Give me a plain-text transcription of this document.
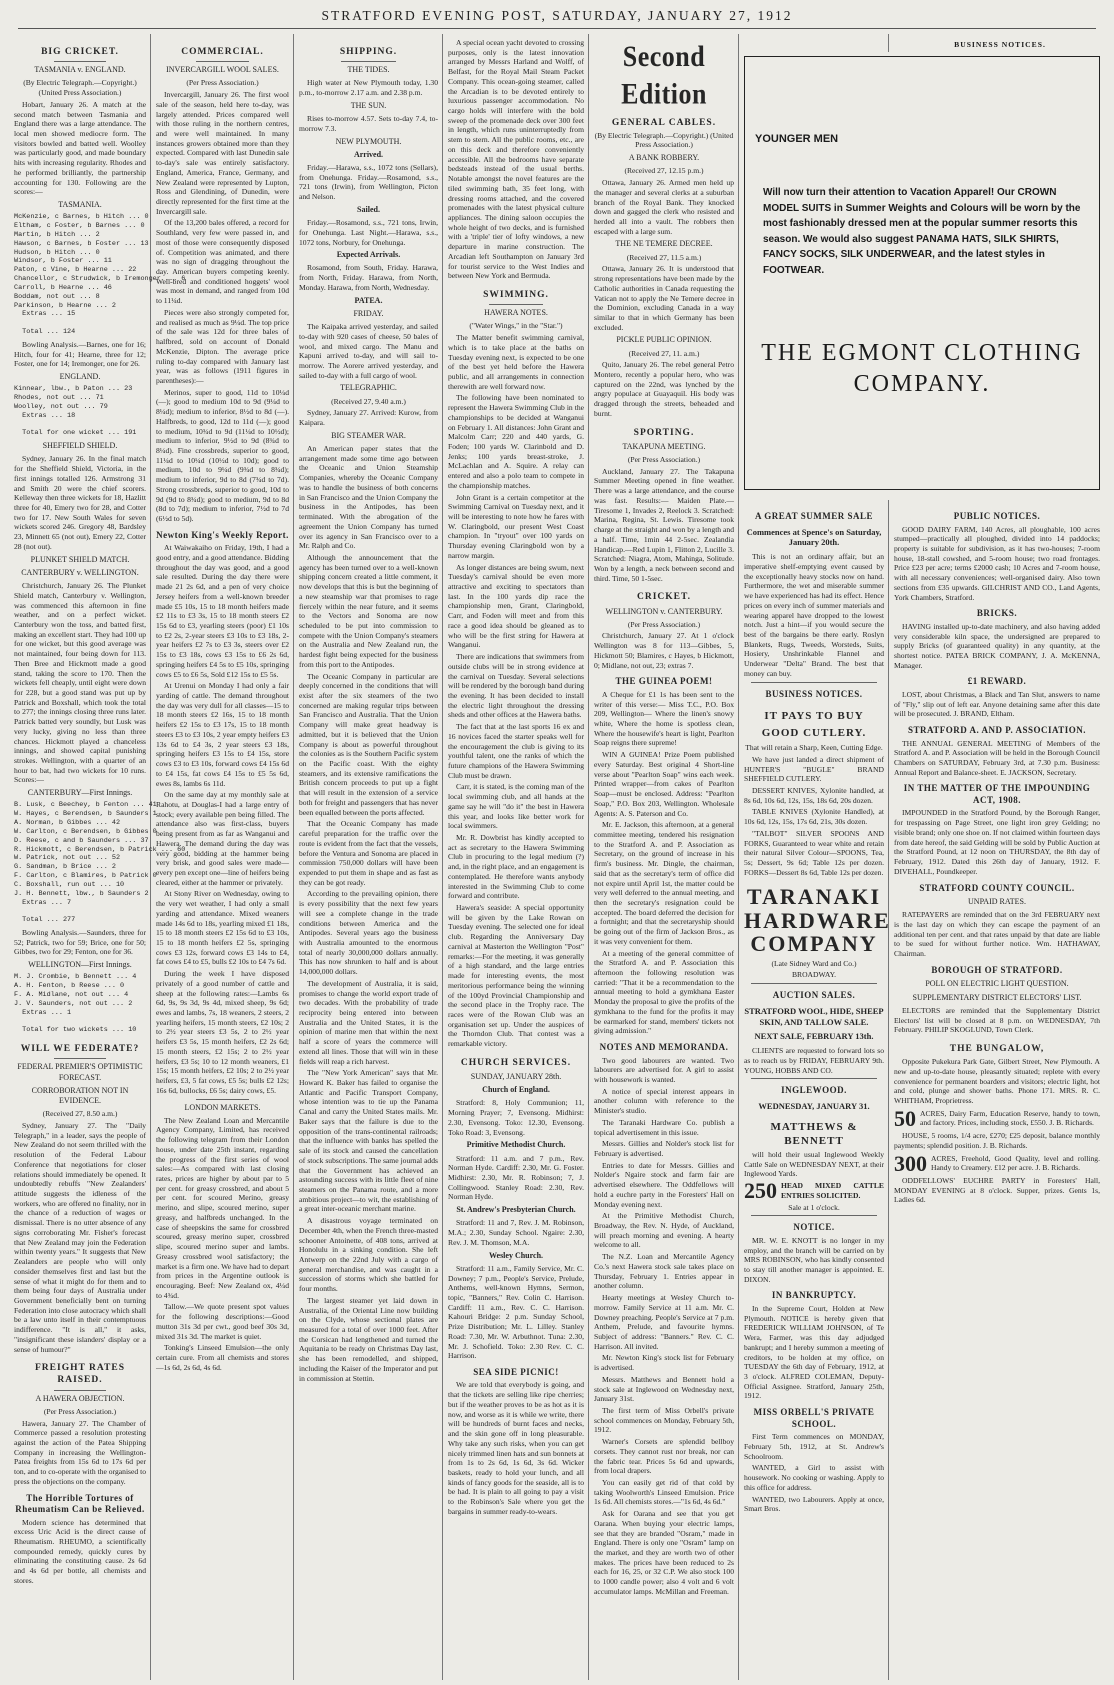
STRATFORD EVENING POST, SATURDAY, JANUARY 27, 1912
BIG CRICKET.
TASMANIA v. ENGLAND.

(By Electric Telegraph.—Copyright.) (United Press Association.)

Hobart, January 26. A match at the second match between Tasmania and England there was a large attendance. The local men showed mediocre form. The visitors bowled and batted well. Woolley was particularly good, and made boundary hits with increasing regularity. Rhodes and he performed brilliantly, the partnership accounting for 130. Following are the scores:—

TASMANIA.
McKenzie, c Barnes, b Hitch ... 0
Eltham, c Foster, b Barnes ... 0
Martin, b Hitch ... 2
Hawson, c Barnes, b Foster ... 13
Hudson, b Hitch ... 0
Windsor, b Foster ... 11
Paton, c Vine, b Hearne ... 22
Chancellor, c Strudwick, b Iremonger ... 6
Carroll, b Hearne ... 46
Boddam, not out ... 8
Parkinson, b Hearne ... 2
Extras ... 15

Total ... 124

Bowling Analysis.—Barnes, one for 16; Hitch, four for 41; Hearne, three for 12; Foster, one for 14; Iremonger, one for 26.

ENGLAND.
Kinnear, lbw., b Paton ... 23
Rhodes, not out ... 71
Woolley, not out ... 79
Extras ... 18

Total for one wicket ... 191
SHEFFIELD SHIELD.

Sydney, January 26. In the final match for the Sheffield Shield, Victoria, in the first innings totalled 126. Armstrong 31 and Smith 20 were the chief scorers. Kelleway then three wickets for 18, Hazlitt three for 40, Emery two for 28, and Cotter two for 17. New South Wales for seven wickets scored 246. Gregory 48, Bardsley 23, Minnett 65 (not out), Emery 22, Cotter 28 (not out).

PLUNKET SHIELD MATCH.
CANTERBURY v. WELLINGTON.

Christchurch, January 26. The Plunket Shield match, Canterbury v. Wellington, was commenced this afternoon in fine weather, and on a perfect wicket. Canterbury won the toss, and batted first, making an excellent start. They had 100 up for one wicket, but this good average was not maintained, four being down for 113. Then Bree and Hickmott made a good stand, taking the score to 170. Then the wickets fell cheaply, until eight were down for 228, but a good stand was put up by Patrick and Boxshall, which took the total to 277; the innings closing three runs later. Patrick batted very soundly, but Lusk was very lucky, giving no less than three chances. Hickmott played a chanceless innings, and showed capital punishing strokes. Wellington, with a quarter of an hour to bat, had two wickets for 10 runs. Scores:—

CANTERBURY—First Innings.
B. Lusk, c Beechey, b Fenton ... 41
W. Hayes, c Berendsen, b Saunders 1
A. Norman, b Gibbes ... 42
W. Carlton, c Berendsen, b Gibbes 0
D. Reese, c and b Saunders ... 37
R. Hickmott, c Berendsen, b Patrick ... 60
W. Patrick, not out ... 52
G. Sandman, b Brice ... 2
F. Carlton, c Blamires, b Patrick 0
C. Boxshall, run out ... 10
J. H. Bennett, lbw., b Saunders 2
Extras ... 7

Total ... 277

Bowling Analysis.—Saunders, three for 52; Patrick, two for 59; Brice, one for 50; Gibbes, two for 29; Fenton, one for 36.

WELLINGTON—First Innings.
M. J. Crombie, b Bennett ... 4
A. H. Fenton, b Reese ... 0
F. A. Midlane, not out ... 4
J. V. Saunders, not out ... 2
Extras ... 1

Total for two wickets ... 10
WILL WE FEDERATE?
FEDERAL PREMIER'S OPTIMISTIC FORECAST.
CORROBORATION NOT IN EVIDENCE.

(Received 27, 8.50 a.m.)

Sydney, January 27. The "Daily Telegraph," in a leader, says the people of New Zealand do not seem thrilled with the resolution of the Federal Labour Conference that negotiations for closer relations should immediately be opened. It undoubtedly rebuffs "New Zealanders' attitude suggests the idleness of the workers, who are offered no finality, nor in the chance of a reduction of wages or dismissal. There is no utter absence of any signs corroborating Mr. Fisher's forecast that New Zealand may join the Federation within twenty years." It suggests that New Zealanders are people who will only consider themselves first and last but the sense of what it might do for them and to them being four days of Australia under Government beneficially bent on turning Federation into close autocracy which shall be a law unto itself in their contemptuous indifference. "It is all," it asks, "insignificant these islanders' display or a sense of humour?"

FREIGHT RATES RAISED.
A HAWERA OBJECTION.

(Per Press Association.)

Hawera, January 27. The Chamber of Commerce passed a resolution protesting against the action of the Patea Shipping Company in increasing the Wellington-Patea freights from 15s 6d to 17s 6d per ton, and to co-operate with the organised to press the objections on the company.

The Horrible Tortures of Rheumatism Can be Relieved.

Modern science has determined that excess Uric Acid is the direct cause of Rheumatism. RHEUMO, a scientifically compounded remedy, quickly cures by eliminating the constituting cause. 2s 6d and 4s 6d per bottle, all chemists and stores.

COMMERCIAL.
INVERCARGILL WOOL SALES.

(Per Press Association.)

Invercargill, January 26. The first wool sale of the season, held here to-day, was largely attended. Prices compared well with those ruling in the northern centres, and were well maintained. In many instances growers obtained more than they expected. Compared with last Dunedin sale to-day's sale was entirely satisfactory. England, America, France, Germany, and New Zealand were represented by Lupton, Ross and Glendining, of Dunedin, were directly represented for the first time at the Invercargill sale.

Of the 13,200 bales offered, a record for Southland, very few were passed in, and most of those were consequently disposed of. Competition was animated, and there was no sign of dragging throughout the day. American buyers competing keenly. Well-bred and conditioned hoggets' wool was most in demand, and ranged from 10d to 11¼d.

Pieces were also strongly competed for, and realised as much as 9¼d. The top price of the sale was 12d for three bales of halfbred, sold on account of Donald McKenzie, Dipton. The average price ruling to-day compared with January last year, was as follows (1911 figures in parentheses):—

Merinos, super to good, 11d to 10¼d (—); good to medium 10d to 9d (9¼d to 8¼d); medium to inferior, 8½d to 8d (—). Halfbreds, to good, 12d to 11d (—); good to medium, 10¾d to 9d (11¼d to 10½d); medium to inferior, 9½d to 9d (8¾d to 8¼d). Fine crossbreds, superior to good, 11¼d to 10¼d (10½d to 10d); good to medium, 10d to 9¼d (9¾d to 8¾d); medium to inferior, 9d to 8d (7¾d to 7d). Strong crossbreds, superior to good, 10d to 9d (9d to 8¾d); good to medium, 9d to 8d (8d to 7d); medium to inferior, 7½d to 7d (6½d to 5d).

Newton King's Weekly Report.

At Waiwakaiho on Friday, 19th, I had a good entry, and a good attendance. Bidding throughout the day was good, and a good sale resulted. During the day there were made 21 2s 6d, and a pen of very choice Jersey heifers from a well-known breeder made £5 10s, 15 to 18 month heifers made £2 11s to £3 3s, 15 to 18 month steers £2 15s 6d to £3, yearling steers (poor) £1 10s to £2 2s, 2-year steers £3 10s to £3 18s, 2-year heifers £2 7s to £3 3s, steers over £2 15s to £3 18s, cows £3 15s to £6 2s 6d, springing heifers £4 5s to £5 10s, springing cows £5 to £6 5s, Sold £12 15s to £5 5s.

At Urenui on Monday I had only a fair yarding of cattle. The demand throughout the day was very dull for all classes—15 to 18 month steers £2 16s, 15 to 18 month heifers £2 15s to £3 17s, 15 to 18 month steers £3 to £3 10s, 2 year empty heifers £3 13s 6d to £4 3s, 2 year steers £3 18s, springing heifers £3 15s to £4 15s, store cows £3 to £3 10s, forward cows £4 15s 6d to £4 15s, fat cows £4 15s to £5 5s 6d, ewes 8s, lambs 6s 11d.

On the same day at my monthly sale at Rahotu, at Douglas-I had a large entry of stock; every available pen being filled. The attendance also was first-class, buyers being present from as far as Wanganui and Hawera. The demand during the day was very good, bidding at the hammer being very brisk, and good sales were made—every pen except one—line of heifers being cleared, either at the hammer or privately.

At Stony River on Wednesday, owing to the very wet weather, I had only a small yarding and attendance. Mixed weaners made 14s 6d to 18s, yearling mixed £1 18s, 15 to 18 month steers £2 15s 6d to £3 10s, 15 to 18 month heifers £2 5s, springing cows £3 12s, forward cows £3 14s to £4, fat cows £4 to £5, bulls £2 10s to £4 7s 6d.

During the week I have disposed privately of a good number of cattle and sheep at the following rates:—Lambs 6s 6d, 9s, 9s 3d, 9s 4d, mixed sheep, 9s 6d; ewes and lambs, 7s, 18 weaners, 2 steers, 2 yearling heifers, 15 month steers, £2 10s; 2 to 2½ year steers £3 5s, 2 to 2½ year heifers £3 5s, 15 month heifers, £2 2s 6d; 15 month steers, £2 15s; 2 to 2½ year heifers, £3 5s; 10 to 12 month weaners, £1 15s; 15 month heifers, £2 10s; 2 to 2½ year heifers, £3, 5 fat cows, £5 5s; bulls £2 12s; 16s 6d, bullocks, £6 5s; dairy cows, £5.

LONDON MARKETS.

The New Zealand Loan and Mercantile Agency Company, Limited, has received the following telegram from their London house, under date 25th instant, regarding the progress of the first series of wool sales:—As compared with last closing rates, prices are higher by about par to 5 per cent. for greasy crossbred, and about 5 per cent. for scoured Merino, greasy merino, and slipe, scoured merino, super greasy, and halfbreds unchanged. In the case of sheepskins the same for crossbred scoured, greasy merino super, crossbred slipe, scoured merino super and lambs. Greasy crossbred wool satisfactory; the market is a firm one. We have had to depart from prices in the Argentine outlook is encouraging. Beef: New Zealand ox, 4¼d to 4¾d.

Tallow.—We quote present spot values for the following descriptions:—Good mutton 31s 3d per cwt., good beef 30s 3d, mixed 31s 3d. The market is quiet.

Tonking's Linseed Emulsion—the only certain cure. From all chemists and stores—1s 6d, 2s 6d, 4s 6d.

SHIPPING.
THE TIDES.

High water at New Plymouth today, 1.30 p.m., to-morrow 2.17 a.m. and 2.38 p.m.

THE SUN.

Rises to-morrow 4.57. Sets to-day 7.4, to-morrow 7.3.

NEW PLYMOUTH.
Arrived.

Friday.—Harawa, s.s., 1072 tons (Sellars), from Onehunga. Friday.—Rosamond, s.s., 721 tons (Irwin), from Wellington, Picton and Nelson.

Sailed.

Friday.—Rosamond, s.s., 721 tons, Irwin, for Onehunga. Last Night.—Harawa, s.s., 1072 tons, Norbury, for Onehunga.

Expected Arrivals.

Rosamond, from South, Friday. Harawa, from North, Friday. Harawa, from North, Monday. Harawa, from North, Wednesday.

PATEA.
FRIDAY.

The Kaipaka arrived yesterday, and sailed to-day with 920 cases of cheese, 50 bales of wool, and mixed cargo. The Manu and Kapuni arrived to-day, and will sail to-morrow. The Aorere arrived yesterday, and sailed to-day with a full cargo of wool.

TELEGRAPHIC.

(Received 27, 9.40 a.m.)

Sydney, January 27. Arrived: Kurow, from Kaipara.

BIG STEAMER WAR.

An American paper states that the arrangement made some time ago between the Oceanic and Union Steamship Companies, whereby the Oceanic Company was to handle the business of both concerns in San Francisco and the Union Company the business in the Antipodes, has been terminated. With the abrogation of the agreement the Union Company has turned over its agency in San Francisco over to a Mr. Ralph and Co.

Although the announcement that the agency has been turned over to a well-known shipping concern created a little comment, it now develops that this is but the beginning of a new steamship war that promises to rage fiercely within the near future, and it seems to the Vectors and Sonoma are now scheduled to be put into commission to compete with the Union Company's steamers on the Australia and New Zealand run, the hardest fight being expected for the business from this port to the Antipodes.

The Oceanic Company in particular are deeply concerned in the conditions that will exist after the six steamers of the two concerned are making regular trips between San Francisco and Australia. That the Union Company will make great headway is admitted, but it is believed that the Union Company is about as powerful throughout the colonies as is the Southern Pacific system on the Pacific coast. With the eighty steamers, and its extensive ramifications the British concern proceeds to put up a fight that will result in the extension of a service both for freight and passengers that has never been equalled between the ports affected.

That the Oceanic Company has made careful preparation for the traffic over the route is evident from the fact that the vessels, before the Ventura and Sonoma are placed in commission 750,000 dollars will have been expended to put them in shape and as fast as they can be got ready.

According to the prevailing opinion, there is every possibility that the next few years will see a complete change in the trade conditions between America and the Antipodes. Several years ago the business with Australia amounted to the enormous total of nearly 30,000,000 dollars annually. This has now shrunken to half and is about 14,000,000 dollars.

The development of Australia, it is said, promises to change the world export trade of two decades. With the probability of trade reciprocity being entered into between Australia and the United States, it is the opinion of marine men that within the next half a score of years the commerce will extend all lines. Those that will win in these fields will reap a rich harvest.

The "New York American" says that Mr. Howard K. Baker has failed to organise the Atlantic and Pacific Transport Company, whose intention was to tie up the Panama Canal and carry the United States mails. Mr. Baker says that the failure is due to the opposition of the trans-continental railroads; that the influence with banks has spelled the sale of its stock and caused the cancellation of stock subscriptions. The same journal adds that the Government has achieved an astounding success with its little fleet of nine steamers on the Panama route, and a more ambitious project—to wit, the establishing of a great inter-oceanic merchant marine.

A disastrous voyage terminated on December 4th, when the French three-masted schooner Antoinette, of 408 tons, arrived at Honolulu in a sinking condition. She left Antwerp on the 22nd July with a cargo of general merchandise, and was caught in a succession of storms which she battled for four months.

The largest steamer yet laid down in Australia, of the Oriental Line now building on the Clyde, whose sectional plates are measured for a total of over 1000 feet. After the Corsican had lengthened and turned the Aquitania to be ready on Christmas Day last, she has been remodelled, and shipped, including the Kaiser of the Imperator and put in commission at Stettin.

A special ocean yacht devoted to crossing purposes, only is the latest innovation arranged by Messrs Harland and Wolff, of Belfast, for the Royal Mail Steam Packet Company. This ocean-going steamer, called the Arcadian is to be devoted entirely to luxurious passenger accommodation. No cargo holds will interfere with the bold sweep of the promenade deck over 300 feet in length, which runs uninterruptedly from stem to stern. All the public rooms, etc., are on this deck and therefore conveniently accessible. All the bedrooms have separate bedsteads instead of the usual berths. Notable amongst the novel features are the tiled swimming bath, 35 feet long, with dressing rooms attached, and the covered promenades with the latest physical culture appliances. The dining saloon occupies the whole height of two decks, and is furnished with a 'triple' tier of lofty windows, a new departure in marine construction. The Arcadian left Southampton on January 3rd for tourist service to the West Indies and between New York and Bermuda.

SWIMMING.
HAWERA NOTES.

("Water Wings," in the "Star.")

The Matter benefit swimming carnival, which is to take place at the baths on Tuesday evening next, is expected to be one of the best yet held before the Hawera public, and all arrangements in connection therewith are well forward now.

The following have been nominated to represent the Hawera Swimming Club in the championships to be decided at Wanganui on February 1. All distances: John Grant and Malcolm Carr; 220 and 440 yards, G. Foden; 100 yards W. Clarinbold and D. Jenks; 100 yards breast-stroke, J. McLachlan and A. Squire. A relay can entered and also a polo team to compete in the championship matches.

John Grant is a certain competitor at the Swimming Carnival on Tuesday next, and it will be interesting to note how he fares with W. Claringbold, our present West Coast champion. In "tryout" over 100 yards on Thursday evening Claringbold won by a narrow margin.

As longer distances are being swum, next Tuesday's carnival should be even more attractive and exciting to spectators than last. In the 100 yards dip race the championship men, Grant, Claringbold, Carr, and Foden will meet and from this race a good idea should be gleaned as to who will be the first string for Hawera at Wanganui.

There are indications that swimmers from outside clubs will be in strong evidence at the carnival on Tuesday. Several selections will be rendered by the borough band during the evening. It has been decided to install the electric light throughout the dressing sheds and other offices at the Hawera baths.

The fact that at the last sports 16 ex and 16 novices faced the starter speaks well for the encouragement the club is giving to its youthful talent, one the ranks of which the future champions of the Hawera Swimming Club must be drawn.

Carr, it is stated, is the coming man of the local swimming club, and all hands at the game say he will "do it" the best in Hawera this year, and looks like better work for local swimmers.

Mr. R. Dowbrist has kindly accepted to act as secretary to the Hawera Swimming Club in procuring to the legal medium (?) and, in the right place, and an engagement is contemplated. He therefore wants anybody interested in the Swimming Club to come forward and contribute.

Hawera's seaside: A special opportunity will be given by the Lake Rowan on Tuesday evening. The selected one for ideal club. Regarding the Anniversary Day carnival at Masterton the Wellington "Post" remarks:—For the meeting, it was generally of a high standard, and the large entries made for interesting events, the most meritorious performance being the winning of the 100yd Provincial Championship and the second place in the Trophy race. The races were of the Rowan Club was an organisation set up. Under the auspices of the Thorndon Club. That contest was a remarkable victory.

CHURCH SERVICES.
SUNDAY, JANUARY 28th.
Church of England.

Stratford: 8, Holy Communion; 11, Morning Prayer; 7, Evensong. Midhirst: 2.30, Evensong. Toko: 12.30, Evensong. Toko Road: 3, Evensong.

Primitive Methodist Church.

Stratford: 11 a.m. and 7 p.m., Rev. Norman Hyde. Cardiff: 2.30, Mr. G. Foster. Midhirst: 2.30, Mr. R. Robinson; 7, J. Collingwood. Stanley Road: 2.30, Rev. Norman Hyde.

St. Andrew's Presbyterian Church.

Stratford: 11 and 7, Rev. J. M. Robinson, M.A.; 2.30, Sunday School. Ngaire: 2.30, Rev. J. M. Thomson, M.A.

Wesley Church.

Stratford: 11 a.m., Family Service, Mr. C. Downey; 7 p.m., People's Service, Prelude, Anthems, well-known Hymns, Sermon, topic, "Banners," Rev. Colin C. Harrison. Cardiff: 11 a.m., Rev. C. C. Harrison. Kahouri Bridge: 2 p.m. Sunday School, Prize Distribution; Mr. L. Lilley. Stanley Road: 7.30, Mr. W. Arbuthnot. Tuna: 2.30, Mr. J. Schofield. Toko: 2.30 Rev. C. C. Harrison.

SEA SIDE PICNIC!

We are told that everybody is going, and that the tickets are selling like ripe cherries; but if the weather proves to be as hot as it is now, and worse as it is while we write, there will be hundreds of burnt faces and necks, and the skin gone off in long pleasurable. Why take any such risks, when you can get nicely trimmed linen hats and sun bonnets at from 1s to 2s 6d, 1s 6d, 3s 6d. Wicker baskets, ready to hold your lunch, and all kinds of fancy goods for the seaside, all is to be had. It is plain to all going to pay a visit to the Robinson's Sale where you get the bargains in summer ready-to-wears.

Second Edition
GENERAL CABLES.

(By Electric Telegraph.—Copyright.) (United Press Association.)

A BANK ROBBERY.

(Received 27, 12.15 p.m.)

Ottawa, January 26. Armed men held up the manager and several clerks at a suburban branch of the Royal Bank. They knocked down and gagged the clerk who resisted and herded all into a vault. The robbers then escaped with a large sum.

THE NE TEMERE DECREE.

(Received 27, 11.5 a.m.)

Ottawa, January 26. It is understood that strong representations have been made by the Catholic authorities in Canada requesting the Vatican not to apply the Ne Temere decree in the Dominion, excluding Canada in a way similar to that in which Germany has been excluded.

PICKLE PUBLIC OPINION.

(Received 27, 11. a.m.)

Quito, January 26. The rebel general Petro Montero, recently a popular hero, who was captured on the 22nd, was lynched by the angry populace at Guayaquil. His body was dragged through the streets, beheaded and burnt.

SPORTING.
TAKAPUNA MEETING.

(Per Press Association.)

Auckland, January 27. The Takapuna Summer Meeting opened in fine weather. There was a large attendance, and the course was fast. Results:— Maiden Plate.—Tiresome 1, Invades 2, Reelock 3. Scratched: Marina, Regina, St. Lewis. Tiresome took charge at the straight and won by a length and a half. Time, 1min 44 2-5sec. Zealandia Handicap.—Red Lupin 1, Flitton 2, Lucille 3. Scratched: Niagra, Atom, Mahinga, Solitude. Won by a length, a neck between second and third. Time, 50 1-5sec.

CRICKET.
WELLINGTON v. CANTERBURY.

(Per Press Association.)

Christchurch, January 27. At 1 o'clock Wellington was 8 for 113—Gibbes, 5, Hickmott 50; Blamires, c Hayes, b Hickmott, 0; Midlane, not out, 23; extras 7.

THE GUINEA POEM!

A Cheque for £1 1s has been sent to the writer of this verse:— Miss T.C., P.O. Box 209, Wellington— Where the linen's snowy white, Where the home is spotless clean, Where the housewife's heart is light, Pearlton Soap reigns there supreme!

WIN A GUINEA! Prize Poem published every Saturday. Best original 4 Short-line verse about "Pearlton Soap" wins each week. Printed wrapper—from cakes of Pearlton Soap—must be enclosed. Address: "Pearlton Soap," P.O. Box 203, Wellington. Wholesale Agents: A. S. Paterson and Co.

Mr. E. Jackson, this afternoon, at a general committee meeting, tendered his resignation to the Stratford A. and P. Association as Secretary, on the ground of increase in his firm's business. Mr. Dingle, the chairman, said that as the secretary's term of office did not expire until April 1st, the matter could be very well deferred to the annual meeting, and then the secretary's resignation could be accepted. The board deferred the decision for a fortnight; and that the secretaryship should be going out of the firm of Jackson Bros., as it was very convenient for them.

At a meeting of the general committee of the Stratford A. and P. Association this afternoon the following resolution was carried: "That it be a recommendation to the annual meeting to hold a gymkhana Easter Monday the proposal to give the profits of the gymkhana to the fund for the profits it may be earmarked for stand, members' tickets not giving admission."

NOTES AND MEMORANDA.

Two good labourers are wanted. Two labourers are advertised for. A girl to assist with housework is wanted.

A notice of special interest appears in another column with reference to the Minister's studio.

The Taranaki Hardware Co. publish a topical advertisement in this issue.

Messrs. Gillies and Nolder's stock list for February is advertised.

Entries to date for Messrs. Gillies and Nolder's Ngaire stock and farm fair are advertised elsewhere. The Oddfellows will hold a euchre party in the Foresters' Hall on Monday evening next.

At the Primitive Methodist Church, Broadway, the Rev. N. Hyde, of Auckland, will preach morning and evening. A hearty welcome to all.

The N.Z. Loan and Mercantile Agency Co.'s next Hawera stock sale takes place on Thursday, February 1. Entries appear in another column.

Hearty meetings at Wesley Church to-morrow. Family Service at 11 a.m. Mr. C. Downey preaching. People's Service at 7 p.m. Anthem, Prelude, and favourite hymns. Subject of address: "Banners." Rev. C. C. Harrison. All invited.

Mr. Newton King's stock list for February is advertised.

Messrs. Matthews and Bennett hold a stock sale at Inglewood on Wednesday next, January 31st.

The first term of Miss Orbell's private school commences on Monday, February 5th, 1912.

Warner's Corsets are splendid bellboy corsets. They cannot rust nor break, nor can the fabric tear. Prices 5s 6d and upwards, from local drapers.

You can easily get rid of that cold by taking Woolworth's Linseed Emulsion. Price 1s 6d. All chemists stores.—"1s 6d, 4s 6d."

Ask for Oarana and see that you get Oarana. When buying your electric lamps, see that they are branded "Osram," made in England. There is only one "Osram" lamp on the market, and they are worth two of other makes. The prices have been reduced to 2s each for 16, 25, or 32 C.P. We also stock 100 to 1000 candle power; also 4 volt and 6 volt accumulator lamps. McMillan and Freeman.

BUSINESS NOTICES.
YOUNGER MEN
Will now turn their attention to Vacation Apparel! Our CROWN MODEL SUITS in Summer Weights and Colours will be worn by the most fashionably dressed men at the popular summer resorts this season. We would also suggest PANAMA HATS, SILK SHIRTS, FANCY SOCKS, SILK UNDERWEAR, and the latest styles in FOOTWEAR.
THE EGMONT CLOTHING COMPANY.
A GREAT SUMMER SALE
Commences at Spence's on Saturday, January 20th.

This is not an ordinary affair, but an imperative shelf-emptying event caused by the exceptionally heavy stocks now on hand. Furthermore, the wet and miserable summer we have experienced has had its effect. Hence prices on every inch of summer materials and wearing apparel have dropped to the lowest notch. Just a hint—if you would secure the best of the bargains be there early. Roslyn Blankets, Rugs, Tweeds, Worsteds, Suits, Hosiery, Unshrinkable Flannel and Underwear "Delta" Brand. The best that money can buy.

BUSINESS NOTICES.
IT PAYS TO BUY GOOD CUTLERY.

That will retain a Sharp, Keen, Cutting Edge.

We have just landed a direct shipment of HUNTER'S "BUGLE" BRAND SHEFFIELD CUTLERY.

DESSERT KNIVES, Xylonite handled, at 8s 6d, 10s 6d, 12s, 15s, 18s 6d, 20s dozen.

TABLE KNIVES (Xylonite Handled), at 10s 6d, 12s, 15s, 17s 6d, 21s, 30s dozen.

"TALBOT" SILVER SPOONS AND FORKS, Guaranteed to wear white and retain their natural Silver Colour—SPOONS, Tea, 5s; Dessert, 9s 6d; Table 12s per dozen. FORKS—Dessert 8s 6d, Table 12s per dozen.

TARANAKI HARDWARE COMPANY

(Late Sidney Ward and Co.)

BROADWAY.

AUCTION SALES.
STRATFORD WOOL, HIDE, SHEEP SKIN, AND TALLOW SALE.
NEXT SALE, FEBRUARY 13th.

CLIENTS are requested to forward lots so as to reach us by FRIDAY, FEBRUARY 9th. YOUNG, HOBBS AND CO.

INGLEWOOD.
WEDNESDAY, JANUARY 31.
MATTHEWS & BENNETT

will hold their usual Inglewood Weekly Cattle Sale on WEDNESDAY NEXT, at their Inglewood Yards.

250 HEAD MIXED CATTLE ENTRIES SOLICITED.

Sale at 1 o'clock.

NOTICE.

MR. W. E. KNOTT is no longer in my employ, and the branch will be carried on by MRS ROBINSON, who has kindly consented to stay till another manager is appointed. E. DIXON.

IN BANKRUPTCY.

In the Supreme Court, Holden at New Plymouth. NOTICE is hereby given that FREDERICK WILLIAM JOHNSON, of Te Wera, Farmer, was this day adjudged bankrupt; and I hereby summon a meeting of creditors, to be holden at my office, on TUESDAY the 6th day of February, 1912, at 3 o'clock. ALFRED COLEMAN, Deputy-Official Assignee. Stratford, January 25th, 1912.

MISS ORBELL'S PRIVATE SCHOOL.

First Term commences on MONDAY, February 5th, 1912, at St. Andrew's Schoolroom.

WANTED, a Girl to assist with housework. No cooking or washing. Apply to this office for address.

WANTED, two Labourers. Apply at once, Smart Bros.

PUBLIC NOTICES.

GOOD DAIRY FARM, 140 Acres, all ploughable, 100 acres stumped—practically all ploughed, divided into 14 paddocks; property is suitable for subdivision, as it has two-houses; 7-room house, 18-stall cowshed, and 5-room house; two road frontages. Price £23 per acre; terms £2000 cash; 10 Acres and 7-room house, with all necessary conveniences; well-organised dairy. Also town sections from £35 upwards. GILCHRIST AND CO., Land Agents, York Chambers, Stratford.

BRICKS.

HAVING installed up-to-date machinery, and also having added very considerable kiln space, the undersigned are prepared to supply Bricks (of guaranteed quality) in any quantity, at the shortest notice. PATEA BRICK COMPANY, J. A. McKENNA, Manager.

£1 REWARD.

LOST, about Christmas, a Black and Tan Slut, answers to name of "Fly," slip out of left ear. Anyone detaining same after this date will be prosecuted. J. BRAND, Eltham.

STRATFORD A. AND P. ASSOCIATION.

THE ANNUAL GENERAL MEETING of Members of the Stratford A. and P. Association will be held in the Borough Council Chambers on SATURDAY, February 3rd, at 7.30 p.m. Business: Annual Report and Balance-sheet. E. JACKSON, Secretary.

IN THE MATTER OF THE IMPOUNDING ACT, 1908.

IMPOUNDED in the Stratford Pound, by the Borough Ranger, for trespassing on Page Street, one light iron grey Gelding; no visible brand; only one shoe on. If not claimed within fourteen days from date hereof, the said Gelding will be sold by Public Auction at the Stratford Pound, at 12 noon on THURSDAY, the 8th day of February, 1912. Dated this 26th day of January, 1912. F. DIVEHALL, Poundkeeper.

STRATFORD COUNTY COUNCIL.
UNPAID RATES.

RATEPAYERS are reminded that on the 3rd FEBRUARY next is the last day on which they can escape the payment of an additional ten per cent. and that rates unpaid by that date are liable to be sued for without further notice. Wm. HATHAWAY, Chairman.

BOROUGH OF STRATFORD.
POLL ON ELECTRIC LIGHT QUESTION.
SUPPLEMENTARY DISTRICT ELECTORS' LIST.

ELECTORS are reminded that the Supplementary District Electors' list will be closed at 8 p.m. on WEDNESDAY, 7th February. PHILIP SKOGLUND, Town Clerk.

THE BUNGALOW,

Opposite Pukekura Park Gate, Gilbert Street, New Plymouth. A new and up-to-date house, pleasantly situated; replete with every convenience for permanent boarders and visitors; electric light, hot and cold, plunge and shower baths. Phone 171. MRS. R. C. WHITHAM, Proprietress.

50 ACRES, Dairy Farm, Education Reserve, handy to town, and factory. Prices, including stock, £550. J. B. Richards.

HOUSE, 5 rooms, 1/4 acre, £270; £25 deposit, balance monthly payments; splendid position. J. B. Richards.

300 ACRES, Freehold, Good Quality, level and rolling. Handy to Creamery. £12 per acre. J. B. Richards.

ODDFELLOWS' EUCHRE PARTY in Foresters' Hall, MONDAY EVENING at 8 o'clock. Supper, prizes. Gents 1s, Ladies 6d.
